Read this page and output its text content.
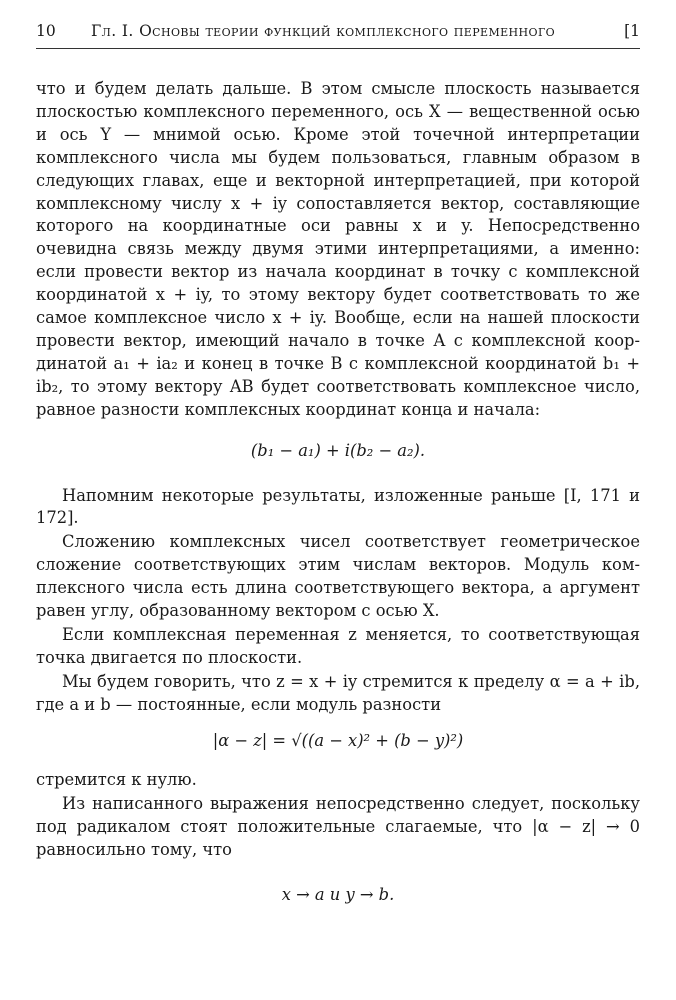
10 Гл. I. Основы теории функций комплексного переменного	[1

что и будем делать дальше. В этом смысле плоскость называется плоскостью комплексного переменного, ось X — вещественной осью и ось Y — мнимой осью. Кроме этой точечной интерпретации комплексного числа мы будем пользоваться, главным образом в следующих главах, еще и векторной интерпретацией, при которой комплексному числу x + iy сопоставляется вектор, составляющие которого на координатные оси равны x и y. Непосредственно очевидна связь между двумя этими интерпретациями, а именно: если провести вектор из начала координат в точку с комплексной координатой x + iy, то этому вектору будет соответствовать то же самое комплексное число x + iy. Вообще, если на нашей плоскости провести вектор, имеющий начало в точке A с комплексной координатой a₁ + ia₂ и конец в точке B с комплексной координатой b₁ + ib₂, то этому вектору AB будет соответствовать комплексное число, равное разности комплексных координат конца и начала:

(b₁ − a₁) + i(b₂ − a₂).

Напомним некоторые результаты, изложенные раньше [I, 171 и 172].

Сложению комплексных чисел соответствует геометрическое сложение соответствующих этим числам векторов. Модуль комплексного числа есть длина соответствующего вектора, а аргумент равен углу, образованному вектором с осью X.

Если комплексная переменная z меняется, то соответствующая точка двигается по плоскости.

Мы будем говорить, что z = x + iy стремится к пределу α = a + ib, где a и b — постоянные, если модуль разности

|α − z| = √((a − x)² + (b − y)²)

стремится к нулю.

Из написанного выражения непосредственно следует, поскольку под радикалом стоят положительные слагаемые, что |α − z| → 0 равносильно тому, что

x → a и y → b.
